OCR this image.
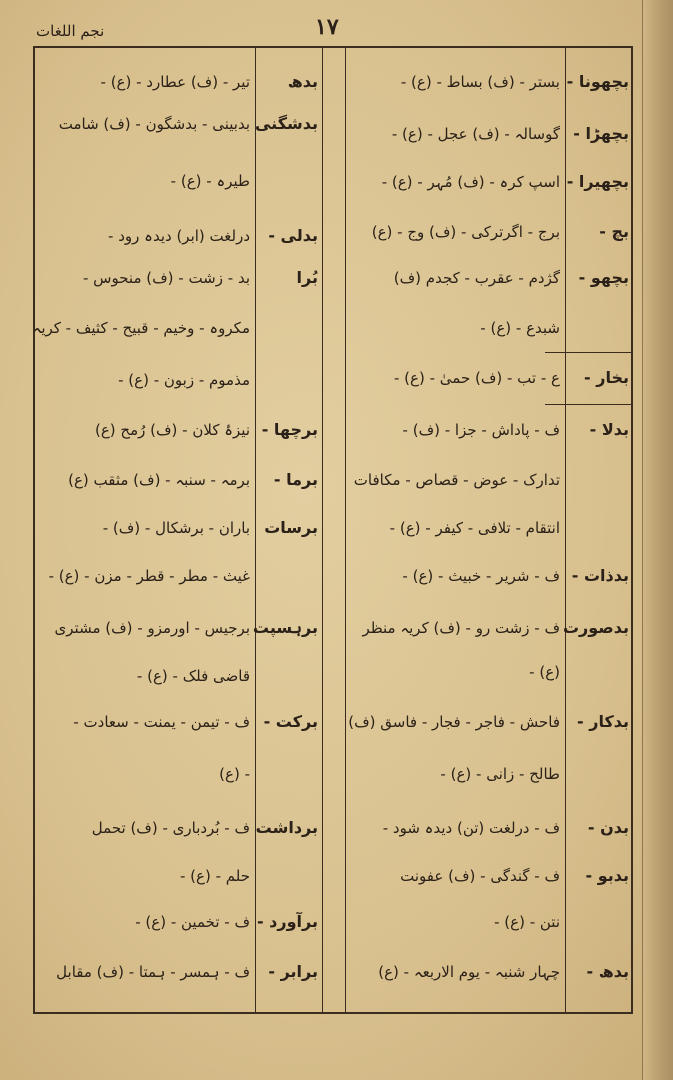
نجم اللغات	۱۷
بدھ
تیر - (ف) عطارد - (ع) -
بدشگنی
بدبینی - بدشگون - (ف) شامت
طیرہ - (ع) -
بدلی -
درلغت (ابر) دیدہ رود -
بُرا
بد - زشت - (ف) منحوس -
مکروہ - وخیم - قبیح - کثیف - کریہ
مذموم - زبون - (ع) -
برچھا -
نیزۂ کلان - (ف) رُمح (ع)
برما -
برمہ - سنبہ - (ف) مثقب (ع)
برسات
باران - برشکال - (ف) -
غیث - مطر - قطر - مزن - (ع) -
برہسپت
برجیس - اورمزو - (ف) مشتری
قاضی فلک - (ع) -
برکت -
ف - تیمن - یمنت - سعادت -
- (ع)
برداشت
ف - بُردباری - (ف) تحمل
حلم - (ع) -
برآورد -
ف - تخمین - (ع) -
برابر -
ف - ہمسر - ہمتا - (ف) مقابل
بچھونا -
بستر - (ف) بساط - (ع) -
بچھڑا -
گوسالہ - (ف) عجل - (ع) -
بچھیرا -
اسپ کرہ - (ف) مُہر - (ع) -
بچ -
برج - اگرترکی - (ف) وج - (ع)
بچھو -
گژدم - عقرب - کجدم (ف)
شبدع - (ع) -
بخار -
ع - تب - (ف) حمیٰ - (ع) -
بدلا -
ف - پاداش - جزا - (ف) -
تدارک - عوض - قصاص - مکافات
انتقام - تلافی - کیفر - (ع) -
بدذات -
ف - شریر - خبیث - (ع) -
بدصورت
ف - زشت رو - (ف) کریہ منظر
(ع) -
بدکار -
فاحش - فاجر - فجار - فاسق (ف)
طالح - زانی - (ع) -
بدن -
ف - درلغت (تن) دیدہ شود -
بدبو -
ف - گندگی - (ف) عفونت
نتن - (ع) -
بدھ -
چہار شنبہ - یوم الاربعہ - (ع)
